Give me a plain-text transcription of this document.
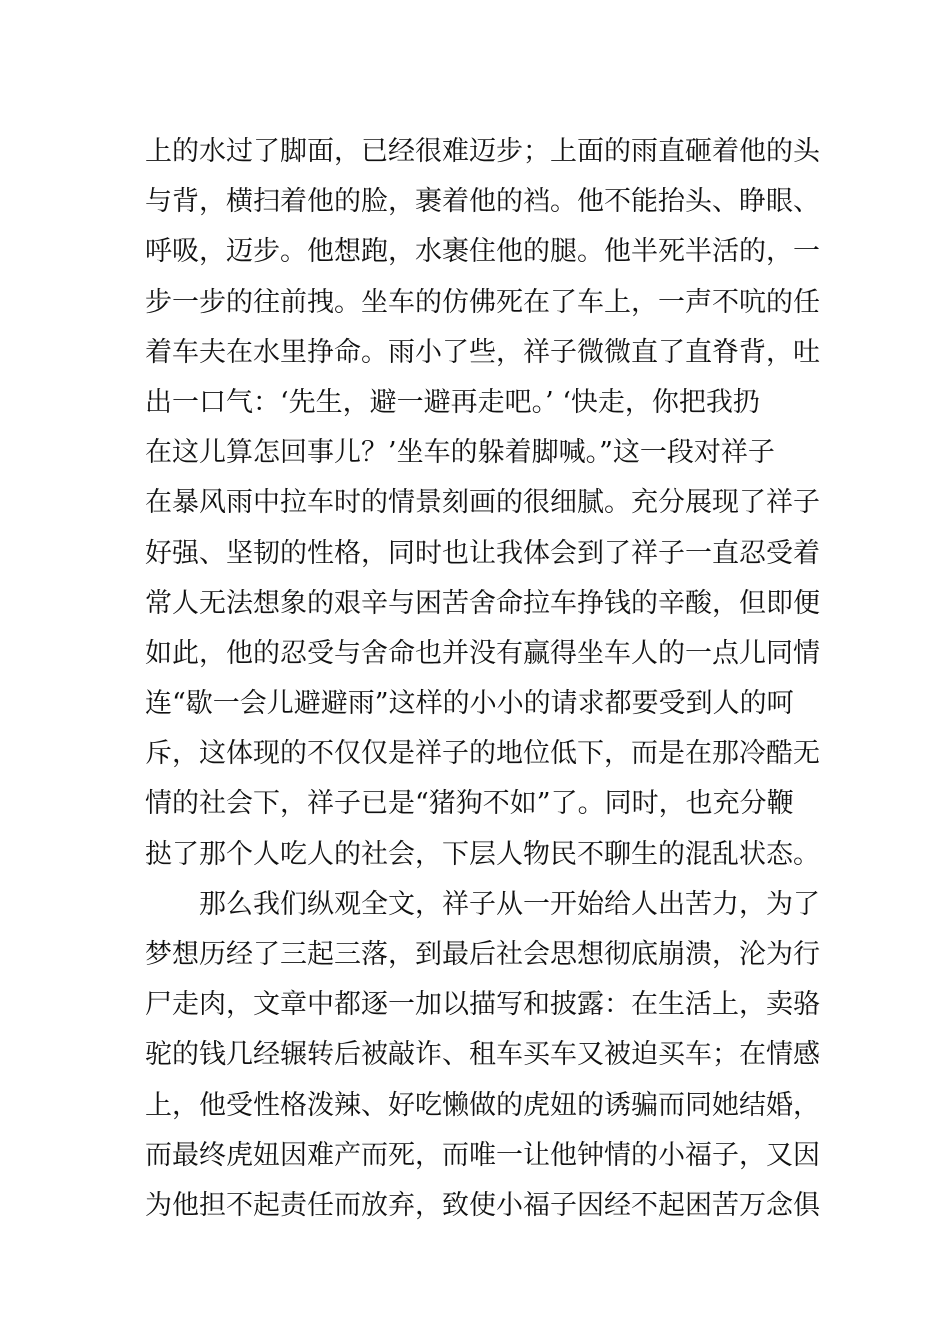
上的水过了脚面，已经很难迈步；上面的雨直砸着他的头
与背，横扫着他的脸，裹着他的裆。他不能抬头、睁眼、
呼吸，迈步。他想跑，水裹住他的腿。他半死半活的，一
步一步的往前拽。坐车的仿佛死在了车上，一声不吭的任
着车夫在水里挣命。雨小了些，祥子微微直了直脊背，吐
出一口气：‘先生，避一避再走吧。’ ‘快走，你把我扔
在这儿算怎回事儿？’坐车的躲着脚喊。”这一段对祥子
在暴风雨中拉车时的情景刻画的很细腻。充分展现了祥子
好强、坚韧的性格，同时也让我体会到了祥子一直忍受着
常人无法想象的艰辛与困苦舍命拉车挣钱的辛酸，但即便
如此，他的忍受与舍命也并没有赢得坐车人的一点儿同情
连“歇一会儿避避雨”这样的小小的请求都要受到人的呵
斥，这体现的不仅仅是祥子的地位低下，而是在那冷酷无
情的社会下，祥子已是“猪狗不如”了。同时，也充分鞭
挞了那个人吃人的社会，下层人物民不聊生的混乱状态。
那么我们纵观全文，祥子从一开始给人出苦力，为了
梦想历经了三起三落，到最后社会思想彻底崩溃，沦为行
尸走肉，文章中都逐一加以描写和披露：在生活上，卖骆
驼的钱几经辗转后被敲诈、租车买车又被迫买车；在情感
上，他受性格泼辣、好吃懒做的虎妞的诱骗而同她结婚，
而最终虎妞因难产而死，而唯一让他钟情的小福子，又因
为他担不起责任而放弃，致使小福子因经不起困苦万念俱
